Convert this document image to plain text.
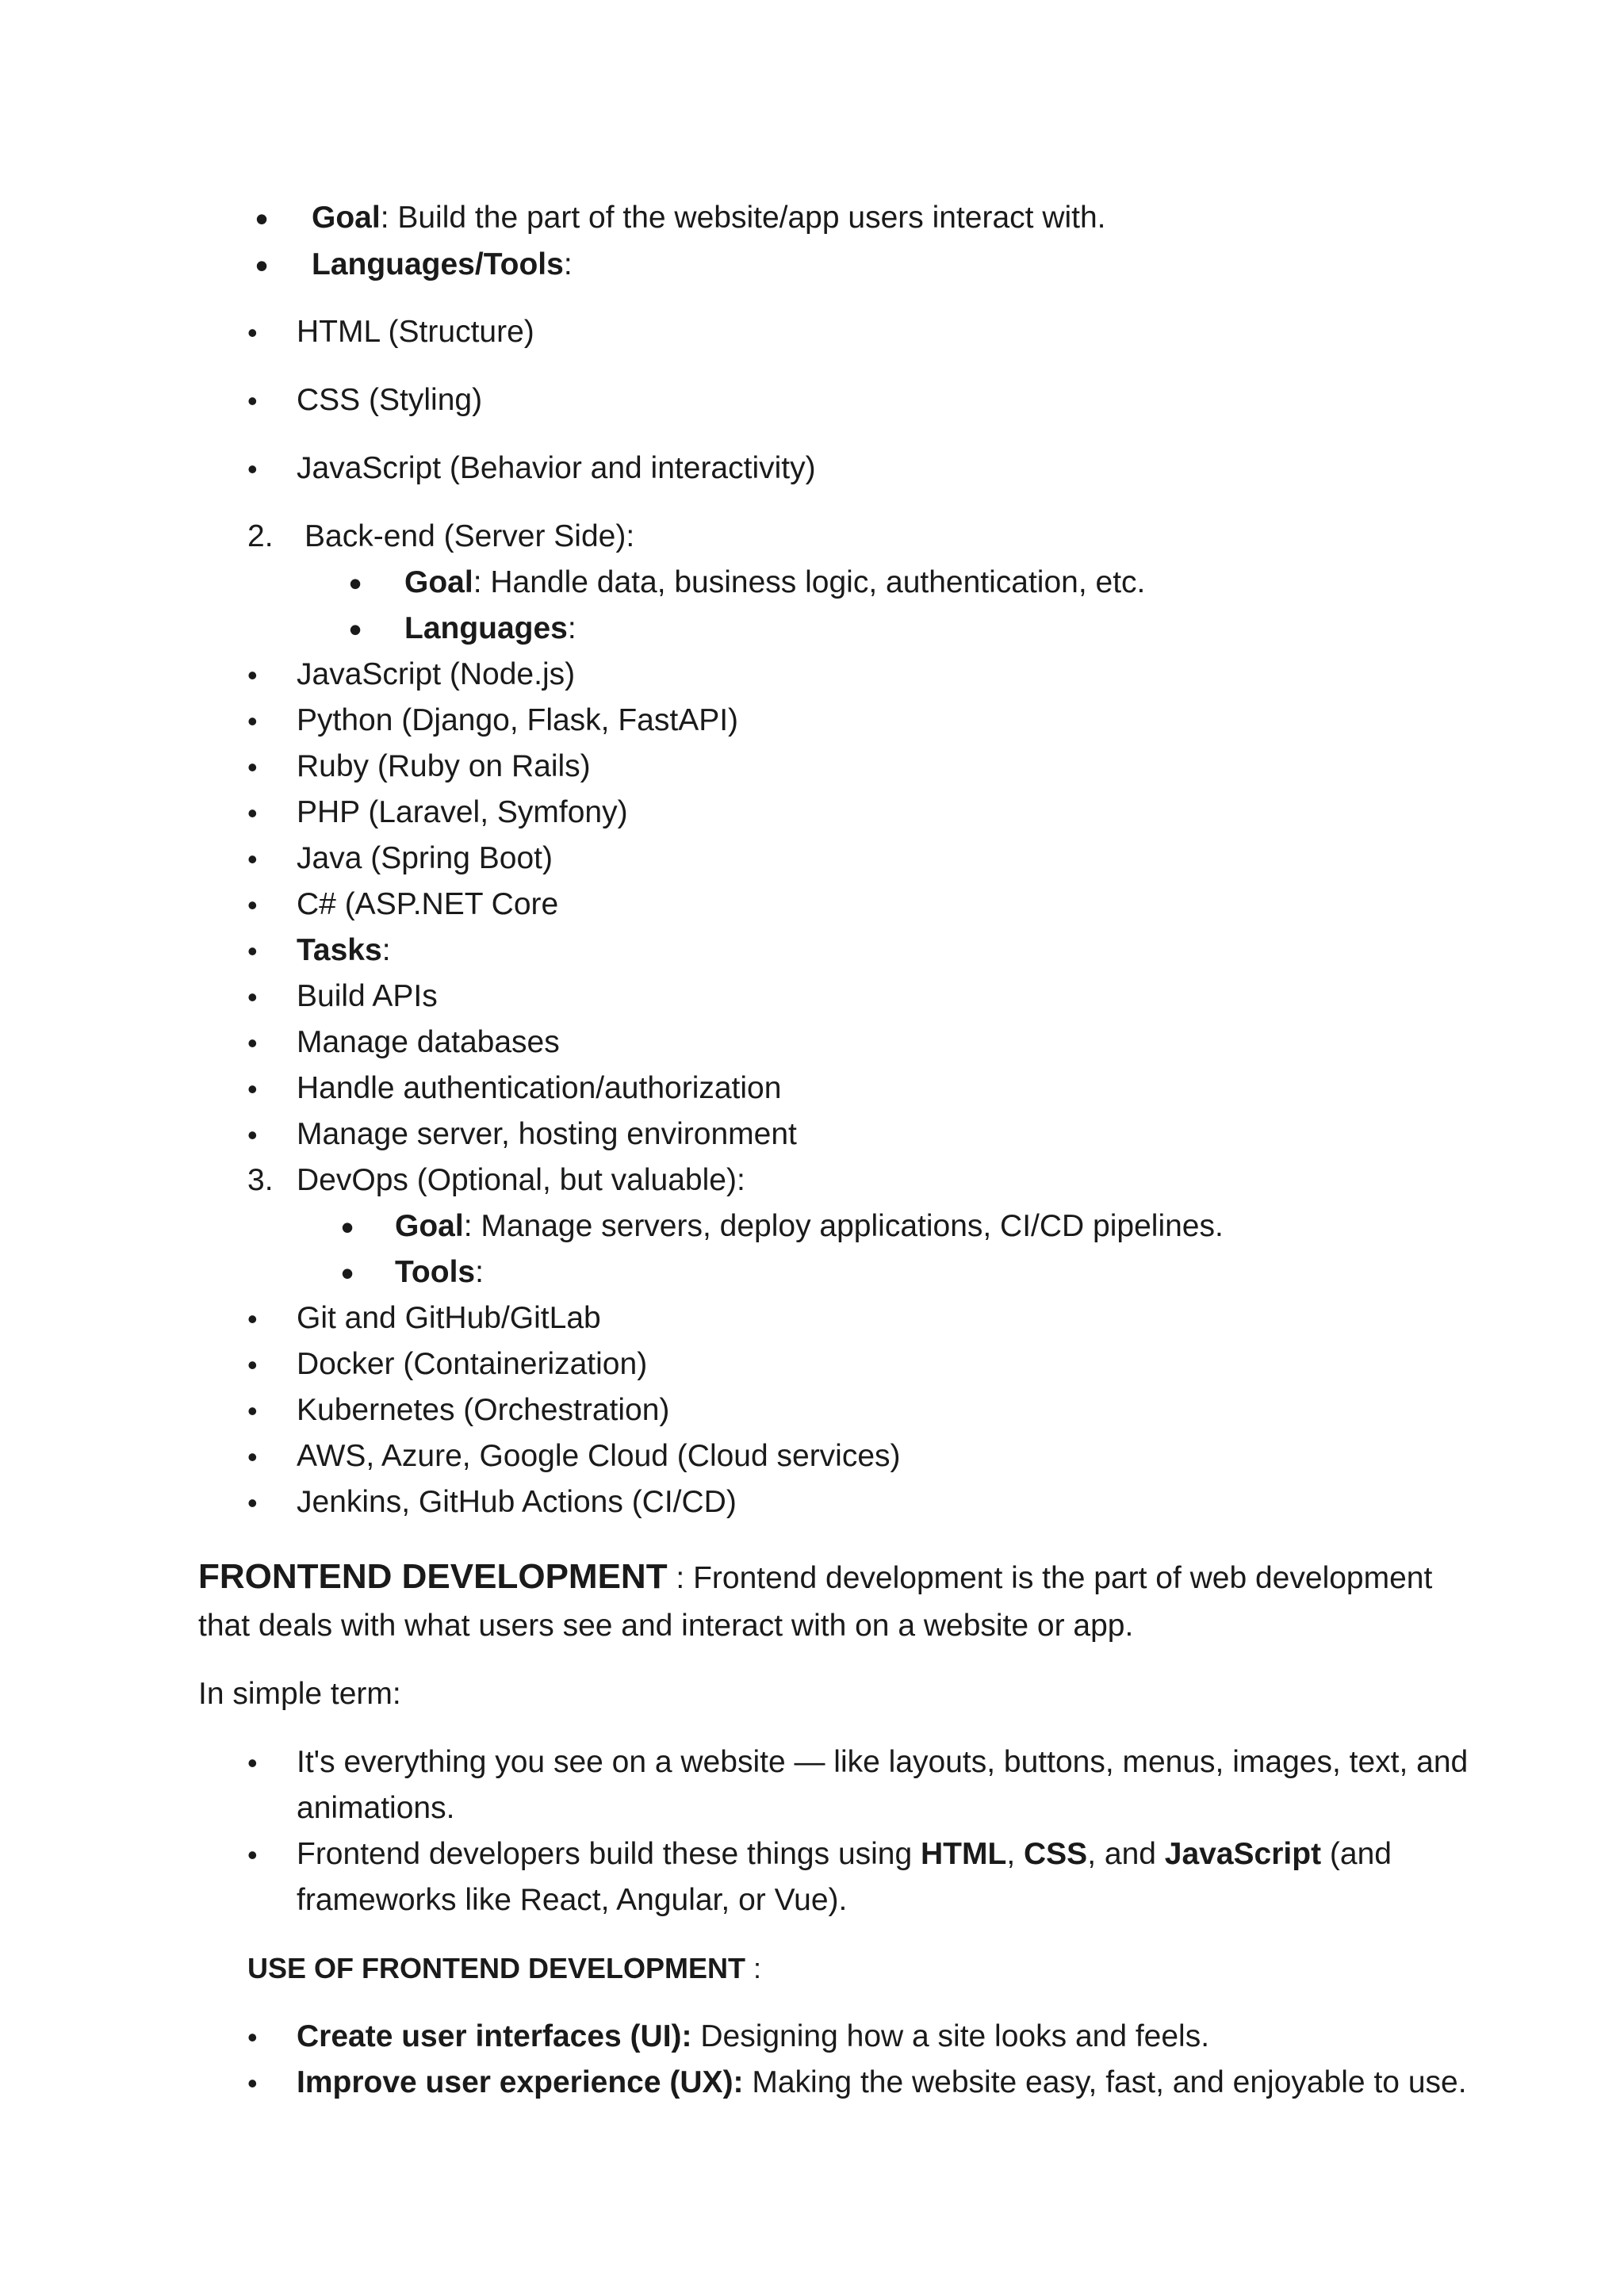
• Goal: Build the part of the website/app users interact with.
• Languages/Tools:
• HTML (Structure)
• CSS (Styling)
• JavaScript (Behavior and interactivity)
2. Back-end (Server Side):
• Goal: Handle data, business logic, authentication, etc.
• Languages:
• JavaScript (Node.js)
• Python (Django, Flask, FastAPI)
• Ruby (Ruby on Rails)
• PHP (Laravel, Symfony)
• Java (Spring Boot)
• C# (ASP.NET Core
• Tasks:
• Build APIs
• Manage databases
• Handle authentication/authorization
• Manage server, hosting environment
3. DevOps (Optional, but valuable):
• Goal: Manage servers, deploy applications, CI/CD pipelines.
• Tools:
• Git and GitHub/GitLab
• Docker (Containerization)
• Kubernetes (Orchestration)
• AWS, Azure, Google Cloud (Cloud services)
• Jenkins, GitHub Actions (CI/CD)
FRONTEND DEVELOPMENT : Frontend development is the part of web development
that deals with what users see and interact with on a website or app.
In simple term:
• It's everything you see on a website — like layouts, buttons, menus, images, text, and
animations.
• Frontend developers build these things using HTML, CSS, and JavaScript (and
frameworks like React, Angular, or Vue).
USE OF FRONTEND DEVELOPMENT :
• Create user interfaces (UI): Designing how a site looks and feels.
• Improve user experience (UX): Making the website easy, fast, and enjoyable to use.
